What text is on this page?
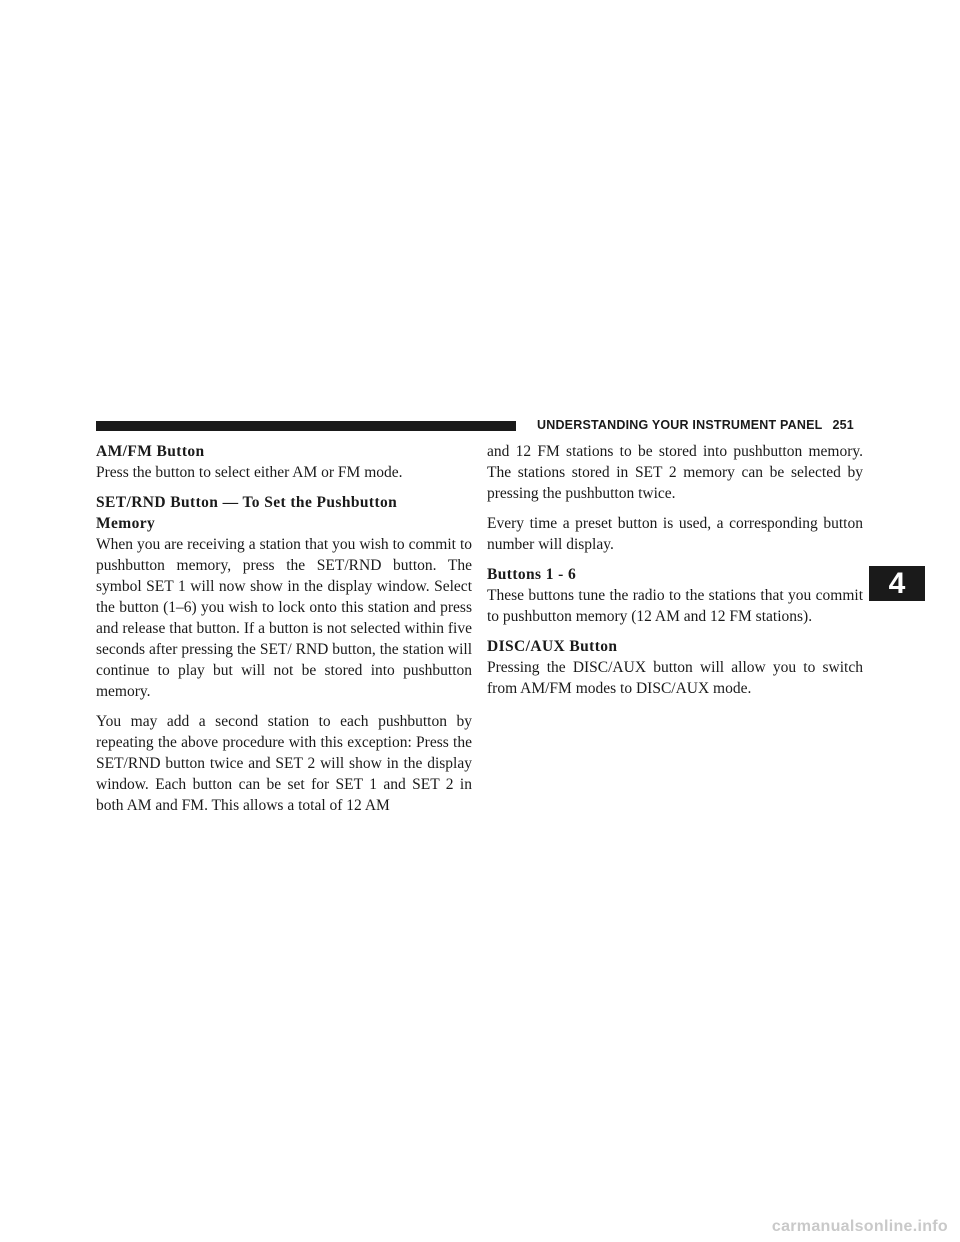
UNDERSTANDING YOUR INSTRUMENT PANEL 251
4
AM/FM Button

Press the button to select either AM or FM mode.

SET/RND Button — To Set the Pushbutton
Memory

When you are receiving a station that you wish to commit to pushbutton memory, press the SET/RND button. The symbol SET 1 will now show in the display window. Select the button (1–6) you wish to lock onto this station and press and release that button. If a button is not selected within five seconds after pressing the SET/ RND button, the station will continue to play but will not be stored into pushbutton memory.

You may add a second station to each pushbutton by repeating the above procedure with this exception: Press the SET/RND button twice and SET 2 will show in the display window. Each button can be set for SET 1 and SET 2 in both AM and FM. This allows a total of 12 AM

and 12 FM stations to be stored into pushbutton memory. The stations stored in SET 2 memory can be selected by pressing the pushbutton twice.

Every time a preset button is used, a corresponding button number will display.

Buttons 1 - 6

These buttons tune the radio to the stations that you commit to pushbutton memory (12 AM and 12 FM stations).

DISC/AUX Button

Pressing the DISC/AUX button will allow you to switch from AM/FM modes to DISC/AUX mode.

carmanualsonline.info
